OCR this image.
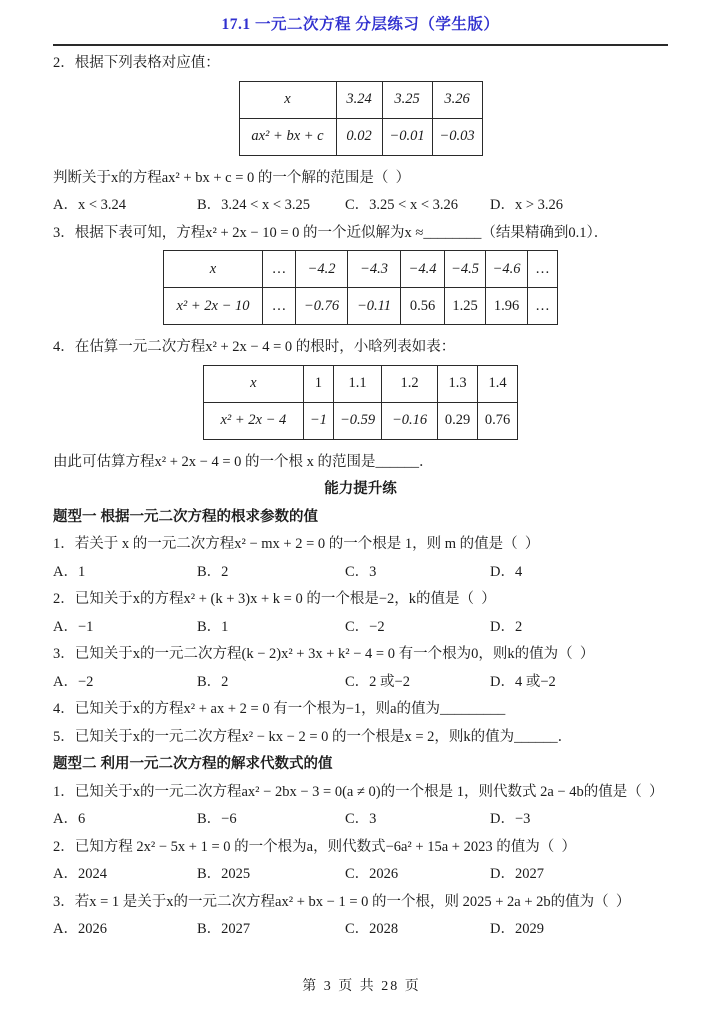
17.1 一元二次方程 分层练习（学生版）
2．根据下列表格对应值：
x	3.24	3.25	3.26
ax² + bx + c	0.02	−0.01	−0.03
判断关于x的方程ax² + bx + c = 0 的一个解的范围是（  ）
A．x < 3.24	B．3.24 < x < 3.25	C．3.25 < x < 3.26	D．x > 3.26
3．根据下表可知，方程x² + 2x − 10 = 0 的一个近似解为x ≈________（结果精确到0.1）．
x	…	−4.2	−4.3	−4.4	−4.5	−4.6	…
x² + 2x − 10	…	−0.76	−0.11	0.56	1.25	1.96	…
4．在估算一元二次方程x² + 2x − 4 = 0 的根时，小晗列表如表：
x	1	1.1	1.2	1.3	1.4
x² + 2x − 4	−1	−0.59	−0.16	0.29	0.76
由此可估算方程x² + 2x − 4 = 0 的一个根 x 的范围是______．
能力提升练
题型一 根据一元二次方程的根求参数的值
1．若关于 x 的一元二次方程x² − mx + 2 = 0 的一个根是 1，则 m 的值是（  ）
A．1	B．2	C．3	D．4
2．已知关于x的方程x² + (k + 3)x + k = 0 的一个根是−2，k的值是（  ）
A．−1	B．1	C．−2	D．2
3．已知关于x的一元二次方程(k − 2)x² + 3x + k² − 4 = 0 有一个根为0，则k的值为（  ）
A．−2	B．2	C．2 或−2	D．4 或−2
4．已知关于x的方程x² + ax + 2 = 0 有一个根为−1，则a的值为_________
5．已知关于x的一元二次方程x² − kx − 2 = 0 的一个根是x = 2，则k的值为______．
题型二 利用一元二次方程的解求代数式的值
1．已知关于x的一元二次方程ax² − 2bx − 3 = 0(a ≠ 0)的一个根是 1，则代数式 2a − 4b的值是（  ）
A．6	B．−6	C．3	D．−3
2．已知方程 2x² − 5x + 1 = 0 的一个根为a，则代数式−6a² + 15a + 2023 的值为（  ）
A．2024	B．2025	C．2026	D．2027
3．若x = 1 是关于x的一元二次方程ax² + bx − 1 = 0 的一个根，则 2025 + 2a + 2b的值为（  ）
A．2026	B．2027	C．2028	D．2029
第 3 页 共 28 页
